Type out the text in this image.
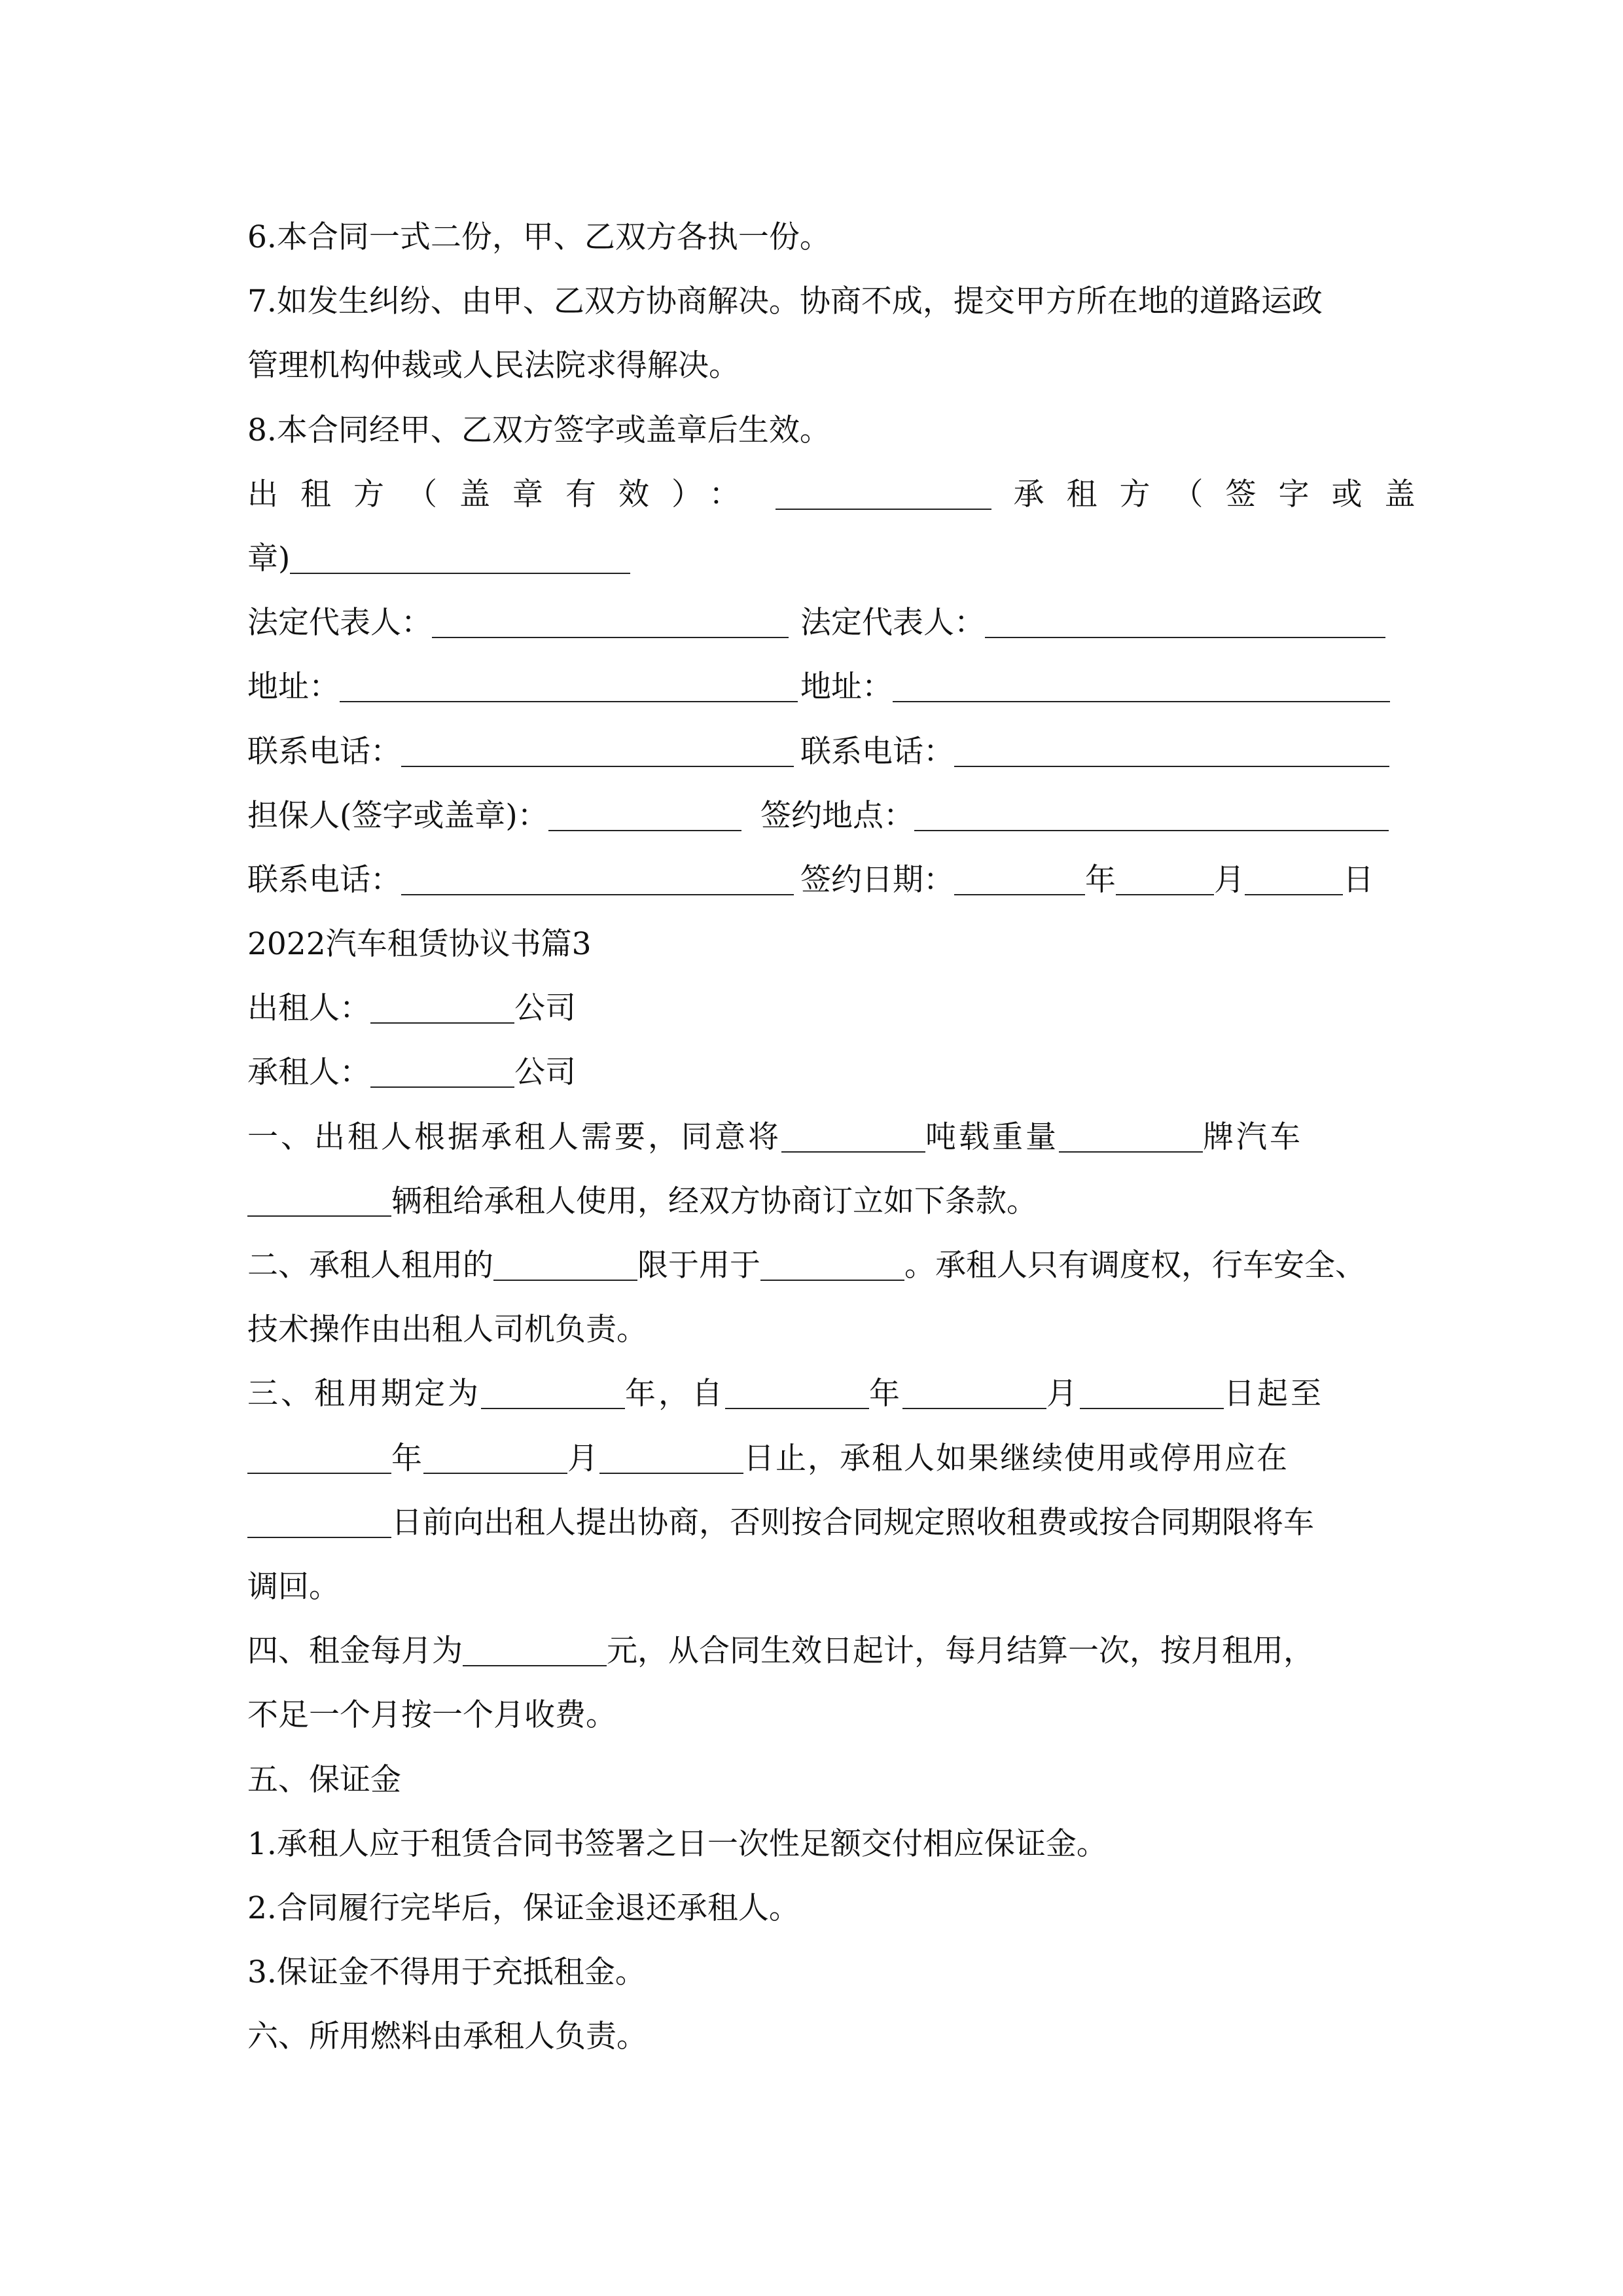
6.本合同一式二份，甲、乙双方各执一份。
7.如发生纠纷、由甲、乙双方协商解决。协商不成，提交甲方所在地的道路运政
管理机构仲裁或人民法院求得解决。
8.本合同经甲、乙双方签字或盖章后生效。
出租方（盖章有效）：	承租方（签字或盖
章)
法定代表人：	法定代表人：
地址：	地址：
联系电话：	联系电话：
担保人(签字或盖章)：	签约地点：
联系电话：	签约日期：	年	月	日
2022汽车租赁协议书篇3
出租人：	公司
承租人：	公司
一、出租人根据承租人需要，同意将	吨载重量	牌汽车
辆租给承租人使用，经双方协商订立如下条款。
二、承租人租用的	限于用于	。承租人只有调度权，行车安全、
技术操作由出租人司机负责。
三、租用期定为	年，自	年	月	日起至
年	月	日止，承租人如果继续使用或停用应在
日前向出租人提出协商，否则按合同规定照收租费或按合同期限将车
调回。
四、租金每月为	元，从合同生效日起计，每月结算一次，按月租用，
不足一个月按一个月收费。
五、保证金
1.承租人应于租赁合同书签署之日一次性足额交付相应保证金。
2.合同履行完毕后，保证金退还承租人。
3.保证金不得用于充抵租金。
六、所用燃料由承租人负责。
